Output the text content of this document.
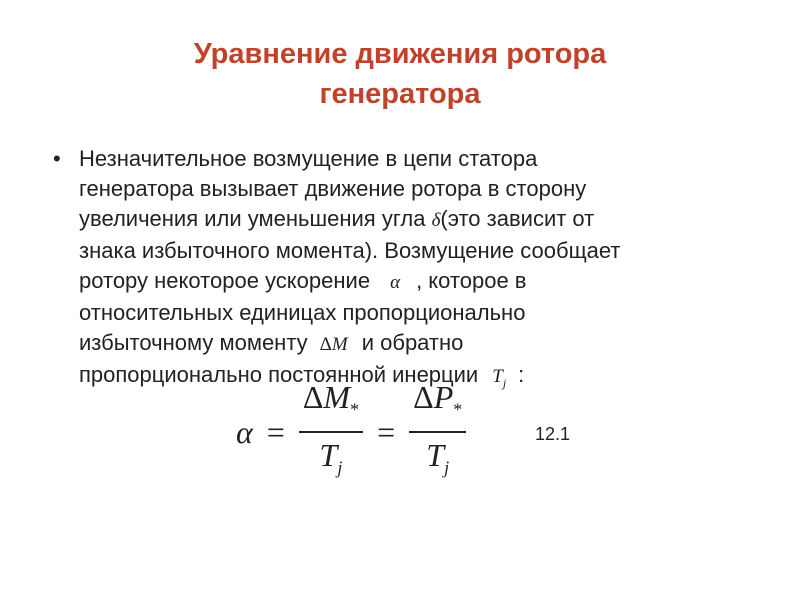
Уравнение движения ротора
генератора
• Незначительное возмущение в цепи статора
генератора вызывает движение ротора в сторону
увеличения или уменьшения угла δ(это зависит от
знака избыточного момента). Возмущение сообщает
ротору некоторое ускорение α , которое в
относительных единицах пропорционально
избыточному моменту ΔM и обратно
пропорционально постоянной инерции $T_j$ :
$\alpha = \frac{\Delta M_*}{T_j} = \frac{\Delta P_*}{T_j}$	12.1
